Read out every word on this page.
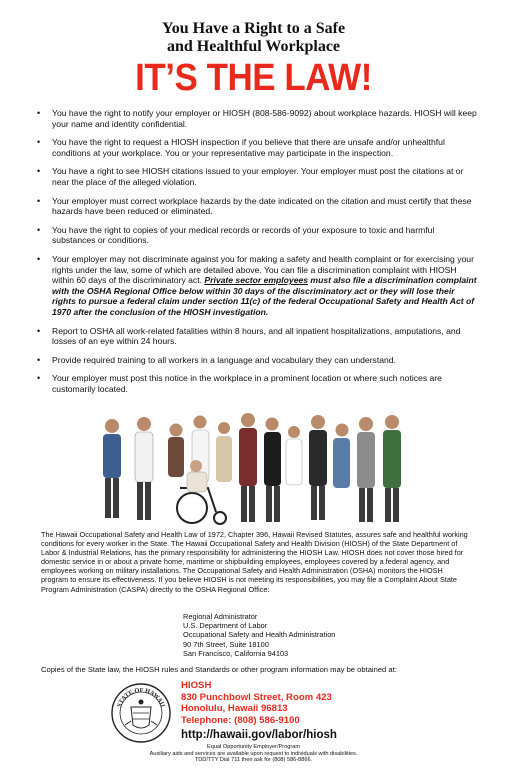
You Have a Right to a Safe
and Healthful Workplace
IT’S THE LAW!
• You have the right to notify your employer or HIOSH (808-586-9092) about workplace hazards. HIOSH will keep your name and identity confidential.
• You have the right to request a HIOSH inspection if you believe that there are unsafe and/or unhealthful conditions at your workplace. You or your representative may participate in the inspection.
• You have a right to see HIOSH citations issued to your employer. Your employer must post the citations at or near the place of the alleged violation.
• Your employer must correct workplace hazards by the date indicated on the citation and must certify that these hazards have been reduced or eliminated.
• You have the right to copies of your medical records or records of your exposure to toxic and harmful substances or conditions.
• Your employer may not discriminate against you for making a safety and health complaint or for exercising your rights under the law, some of which are detailed above. You can file a discrimination complaint with HIOSH within 60 days of the discriminatory act. Private sector employees must also file a discrimination complaint with the OSHA Regional Office below within 30 days of the discriminatory act or they will lose their rights to pursue a federal claim under section 11(c) of the federal Occupational Safety and Health Act of 1970 after the conclusion of the HIOSH investigation.
• Report to OSHA all work-related fatalities within 8 hours, and all inpatient hospitalizations, amputations, and losses of an eye within 24 hours.
• Provide required training to all workers in a language and vocabulary they can understand.
• Your employer must post this notice in the workplace in a prominent location or where such notices are customarily located.
The Hawaii Occupational Safety and Health Law of 1972, Chapter 396, Hawaii Revised Statutes, assures safe and healthful working conditions for every worker in the State. The Hawaii Occupational Safety and Health Division (HIOSH) of the State Department of Labor & Industrial Relations, has the primary responsibility for administering the HIOSH Law. HIOSH does not cover those hired for domestic service in or about a private home, maritime or shipbuilding employees, employees covered by a federal agency, and employees working on military installations. The Occupational Safety and Health Administration (OSHA) monitors the HIOSH program to ensure its effectiveness. If you believe HIOSH is not meeting its responsibilities, you may file a Complaint About State Program Administration (CASPA) directly to the OSHA Regional Office:
Regional Administrator
U.S. Department of Labor
Occupational Safety and Health Administration
90 7th Street, Suite 18100
San Francisco, California 94103
Copies of the State law, the HIOSH rules and Standards or other program information may be obtained at:
STATE OF HAWAII
HIOSH
830 Punchbowl Street, Room 423
Honolulu, Hawaii 96813
Telephone: (808) 586-9100
http://hawaii.gov/labor/hiosh
Equal Opportunity Employer/Program
Auxiliary aids and services are available upon request to individuals with disabilities.
TDD/TTY Dial 711 then ask for (808) 586-8866.
